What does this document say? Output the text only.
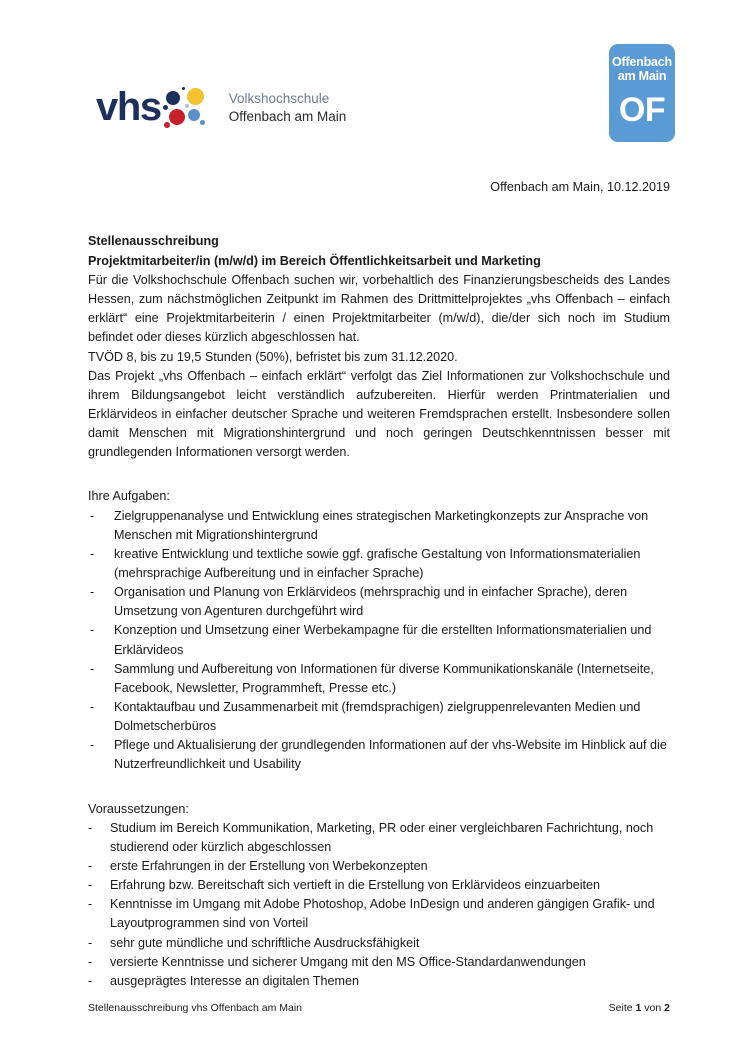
vhs	Volkshochschule
Offenbach am Main
Offenbach
am Main
OF
Offenbach am Main, 10.12.2019
Stellenausschreibung
Projektmitarbeiter/in (m/w/d) im Bereich Öffentlichkeitsarbeit und Marketing

Für die Volkshochschule Offenbach suchen wir, vorbehaltlich des Finanzierungsbescheids des Landes Hessen, zum nächstmöglichen Zeitpunkt im Rahmen des Drittmittelprojektes „vhs Offenbach – einfach erklärt“ eine Projektmitarbeiterin / einen Projektmitarbeiter (m/w/d), die/der sich noch im Studium befindet oder dieses kürzlich abgeschlossen hat.
TVÖD 8, bis zu 19,5 Stunden (50%), befristet bis zum 31.12.2020.

Das Projekt „vhs Offenbach – einfach erklärt“ verfolgt das Ziel Informationen zur Volkshochschule und ihrem Bildungsangebot leicht verständlich aufzubereiten. Hierfür werden Printmaterialien und Erklärvideos in einfacher deutscher Sprache und weiteren Fremdsprachen erstellt. Insbesondere sollen damit Menschen mit Migrationshintergrund und noch geringen Deutschkenntnissen besser mit grundlegenden Informationen versorgt werden.

Ihre Aufgaben:
- Zielgruppenanalyse und Entwicklung eines strategischen Marketingkonzepts zur Ansprache von Menschen mit Migrationshintergrund
- kreative Entwicklung und textliche sowie ggf. grafische Gestaltung von Informationsmaterialien (mehrsprachige Aufbereitung und in einfacher Sprache)
- Organisation und Planung von Erklärvideos (mehrsprachig und in einfacher Sprache), deren Umsetzung von Agenturen durchgeführt wird
- Konzeption und Umsetzung einer Werbekampagne für die erstellten Informationsmaterialien und Erklärvideos
- Sammlung und Aufbereitung von Informationen für diverse Kommunikationskanäle (Internetseite, Facebook, Newsletter, Programmheft, Presse etc.)
- Kontaktaufbau und Zusammenarbeit mit (fremdsprachigen) zielgruppenrelevanten Medien und Dolmetscherbüros
- Pflege und Aktualisierung der grundlegenden Informationen auf der vhs-Website im Hinblick auf die Nutzerfreundlichkeit und Usability
Voraussetzungen:
- Studium im Bereich Kommunikation, Marketing, PR oder einer vergleichbaren Fachrichtung, noch studierend oder kürzlich abgeschlossen
- erste Erfahrungen in der Erstellung von Werbekonzepten
- Erfahrung bzw. Bereitschaft sich vertieft in die Erstellung von Erklärvideos einzuarbeiten
- Kenntnisse im Umgang mit Adobe Photoshop, Adobe InDesign und anderen gängigen Grafik- und Layoutprogrammen sind von Vorteil
- sehr gute mündliche und schriftliche Ausdrucksfähigkeit
- versierte Kenntnisse und sicherer Umgang mit den MS Office-Standardanwendungen
- ausgeprägtes Interesse an digitalen Themen
Stellenausschreibung vhs Offenbach am Main	Seite 1 von 2
